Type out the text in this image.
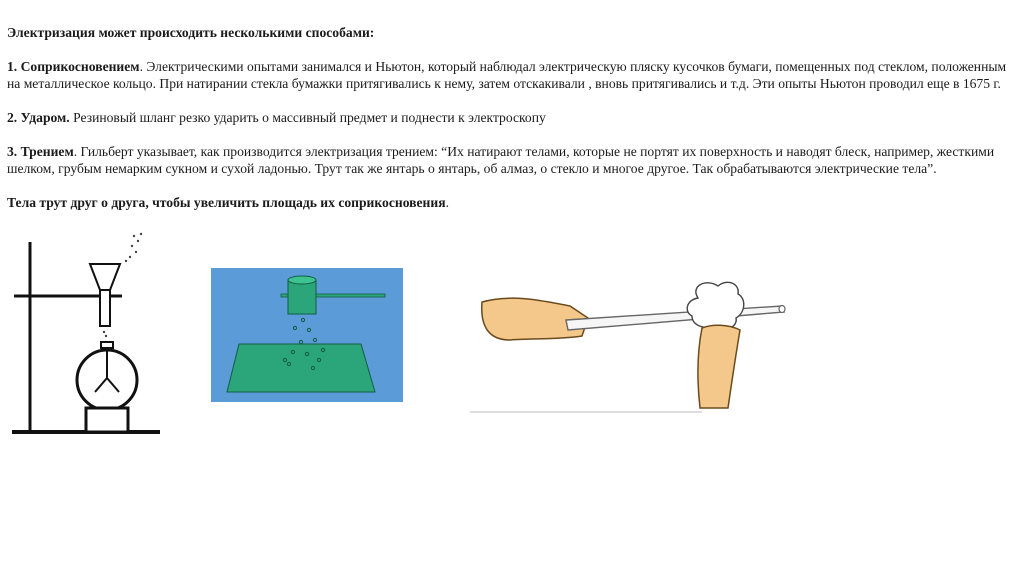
Электризация может происходить несколькими способами:

1. Соприкосновением. Электрическими опытами занимался и Ньютон, который наблюдал электрическую пляску кусочков бумаги, помещенных под стеклом, положенным на металлическое кольцо. При натирании стекла бумажки притягивались к нему, затем отскакивали , вновь притягивались и т.д. Эти опыты Ньютон проводил еще в 1675 г.

2. Ударом. Резиновый шланг резко ударить о массивный предмет и поднести к электроскопу

3. Трением. Гильберт указывает, как производится электризация трением: “Их натирают телами, которые не портят их поверхность и наводят блеск, например, жесткими шелком, грубым немарким сукном и сухой ладонью. Трут так же янтарь о янтарь, об алмаз, о стекло и многое другое. Так обрабатываются электрические тела”.

Тела трут друг о друга, чтобы увеличить площадь их соприкосновения.
